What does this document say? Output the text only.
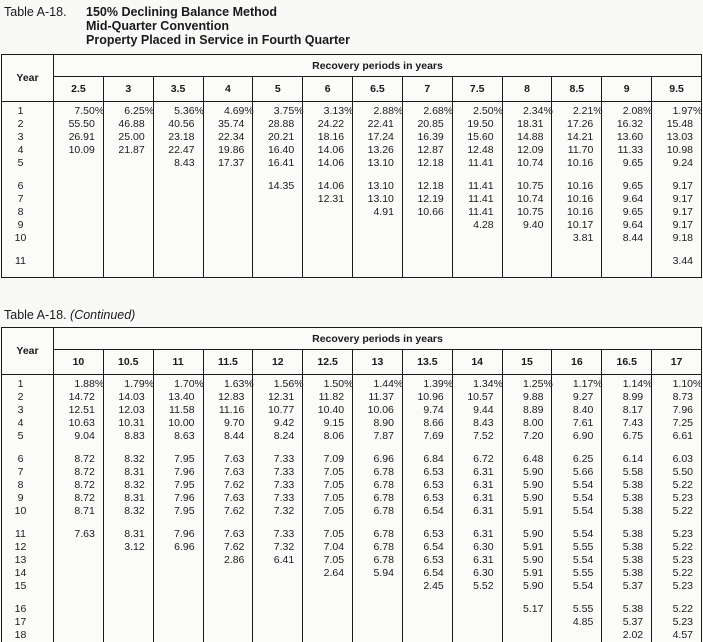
Table A-18.	150% Declining Balance Method
Mid-Quarter Convention
Property Placed in Service in Fourth Quarter
Year	Recovery periods in years												
	2.5	3	3.5	4	5	6	6.5	7	7.5	8	8.5	9	9.5
1	7.50%	6.25%	5.36%	4.69%	3.75%	3.13%	2.88%	2.68%	2.50%	2.34%	2.21%	2.08%	1.97%
2	55.50	46.88	40.56	35.74	28.88	24.22	22.41	20.85	19.50	18.31	17.26	16.32	15.48
3	26.91	25.00	23.18	22.34	20.21	18.16	17.24	16.39	15.60	14.88	14.21	13.60	13.03
4	10.09	21.87	22.47	19.86	16.40	14.06	13.26	12.87	12.48	12.09	11.70	11.33	10.98
5			8.43	17.37	16.41	14.06	13.10	12.18	11.41	10.74	10.16	9.65	9.24

6					14.35	14.06	13.10	12.18	11.41	10.75	10.16	9.65	9.17
7						12.31	13.10	12.19	11.41	10.74	10.16	9.64	9.17
8							4.91	10.66	11.41	10.75	10.16	9.65	9.17
9									4.28	9.40	10.17	9.64	9.17
10											3.81	8.44	9.18

11													3.44
Table A-18. (Continued)
Year	Recovery periods in years												
	10	10.5	11	11.5	12	12.5	13	13.5	14	15	16	16.5	17
1	1.88%	1.79%	1.70%	1.63%	1.56%	1.50%	1.44%	1.39%	1.34%	1.25%	1.17%	1.14%	1.10%
2	14.72	14.03	13.40	12.83	12.31	11.82	11.37	10.96	10.57	9.88	9.27	8.99	8.73
3	12.51	12.03	11.58	11.16	10.77	10.40	10.06	9.74	9.44	8.89	8.40	8.17	7.96
4	10.63	10.31	10.00	9.70	9.42	9.15	8.90	8.66	8.43	8.00	7.61	7.43	7.25
5	9.04	8.83	8.63	8.44	8.24	8.06	7.87	7.69	7.52	7.20	6.90	6.75	6.61

6	8.72	8.32	7.95	7.63	7.33	7.09	6.96	6.84	6.72	6.48	6.25	6.14	6.03
7	8.72	8.31	7.96	7.63	7.33	7.05	6.78	6.53	6.31	5.90	5.66	5.58	5.50
8	8.72	8.32	7.95	7.62	7.33	7.05	6.78	6.53	6.31	5.90	5.54	5.38	5.22
9	8.72	8.31	7.96	7.63	7.33	7.05	6.78	6.53	6.31	5.90	5.54	5.38	5.23
10	8.71	8.32	7.95	7.62	7.32	7.05	6.78	6.54	6.31	5.91	5.54	5.38	5.22

11	7.63	8.31	7.96	7.63	7.33	7.05	6.78	6.53	6.31	5.90	5.54	5.38	5.23
12		3.12	6.96	7.62	7.32	7.04	6.78	6.54	6.30	5.91	5.55	5.38	5.22
13				2.86	6.41	7.05	6.78	6.53	6.31	5.90	5.54	5.38	5.23
14						2.64	5.94	6.54	6.30	5.91	5.55	5.38	5.22
15								2.45	5.52	5.90	5.54	5.37	5.23

16										5.17	5.55	5.38	5.22
17											4.85	5.37	5.23
18												2.02	4.57
